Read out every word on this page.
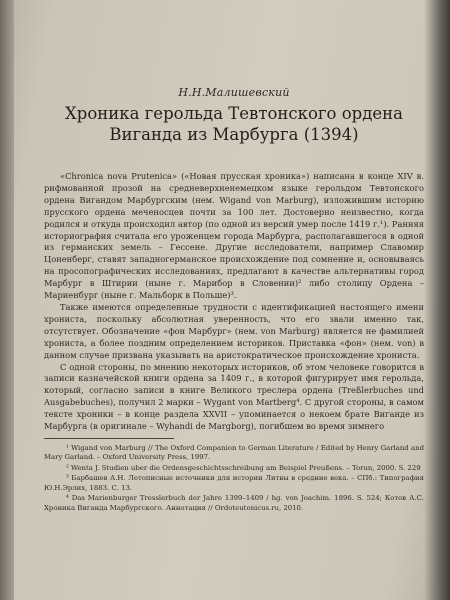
Н.Н.Малишевский

Хроника герольда Тевтонского ордена
Виганда из Марбурга (1394)

«Chronica nova Prutenica» («Новая прусская хроника») написана в конце XIV в. рифмованной прозой на средневерхненемецком языке герольдом Тевтонского ордена Вигандом Марбургским (нем. Wigand von Marburg), изложившим историю прусского ордена меченосцев почти за 100 лет. Достоверно неизвестно, когда родился и откуда происходил автор (по одной из версий умер после 1419 г.¹). Ранняя историография считала его уроженцем города Марбурга, располагавшегося в одной из германских земель – Гессене. Другие исследователи, например Славомир Цоненберг, ставят западногерманское происхождение под сомнение и, основываясь на просопографических исследованиях, предлагают в качестве альтернативы город Марбург в Штирии (ныне г. Марибор в Словении)² либо столицу Ордена – Мариенбург (ныне г. Мальборк в Польше)³.

Также имеются определенные трудности с идентификацией настоящего имени хрониста, поскольку абсолютная уверенность, что его звали именно так, отсутствует. Обозначение «фон Марбург» (нем. von Marburg) является не фамилией хрониста, а более поздним определением историков. Приставка «фон» (нем. von) в данном случае призвана указывать на аристократическое происхождение хрониста.

С одной стороны, по мнению некоторых историков, об этом человеке говорится в записи казначейской книги ордена за 1409 г., в которой фигурирует имя герольда, который, согласно записи в книге Великого треслера ордена (Treßlerbuches und Ausgabebuches), получил 2 марки – Wygant von Martberg⁴. С другой стороны, в самом тексте хроники – в конце раздела XXVII – упоминается о некоем брате Виганде из Марбурга (в оригинале – Wyhandi de Margborg), погибшем во время зимнего

¹ Wigand von Marburg // The Oxford Companion to German Literature / Edited by Henry Garland and Mary Garland. – Oxford University Press, 1997.

² Wenta J. Studien uber die Ordensgeschichtsschreibung am Beispiel Preußens. – Torun, 2000. S. 229

³ Барбашев А.Н. Летописные источники для истории Литвы в средние века. – СПб.: Типография Ю.Н.Эрлих, 1883. С. 13.

⁴ Das Marienburger Tresslerbuch der Jahre 1399–1409 / hg. von Joachim. 1896. S. 524; Котов А.С. Хроника Виганда Марбургского. Аннотация // Ordoteutonicus.ru, 2010.
